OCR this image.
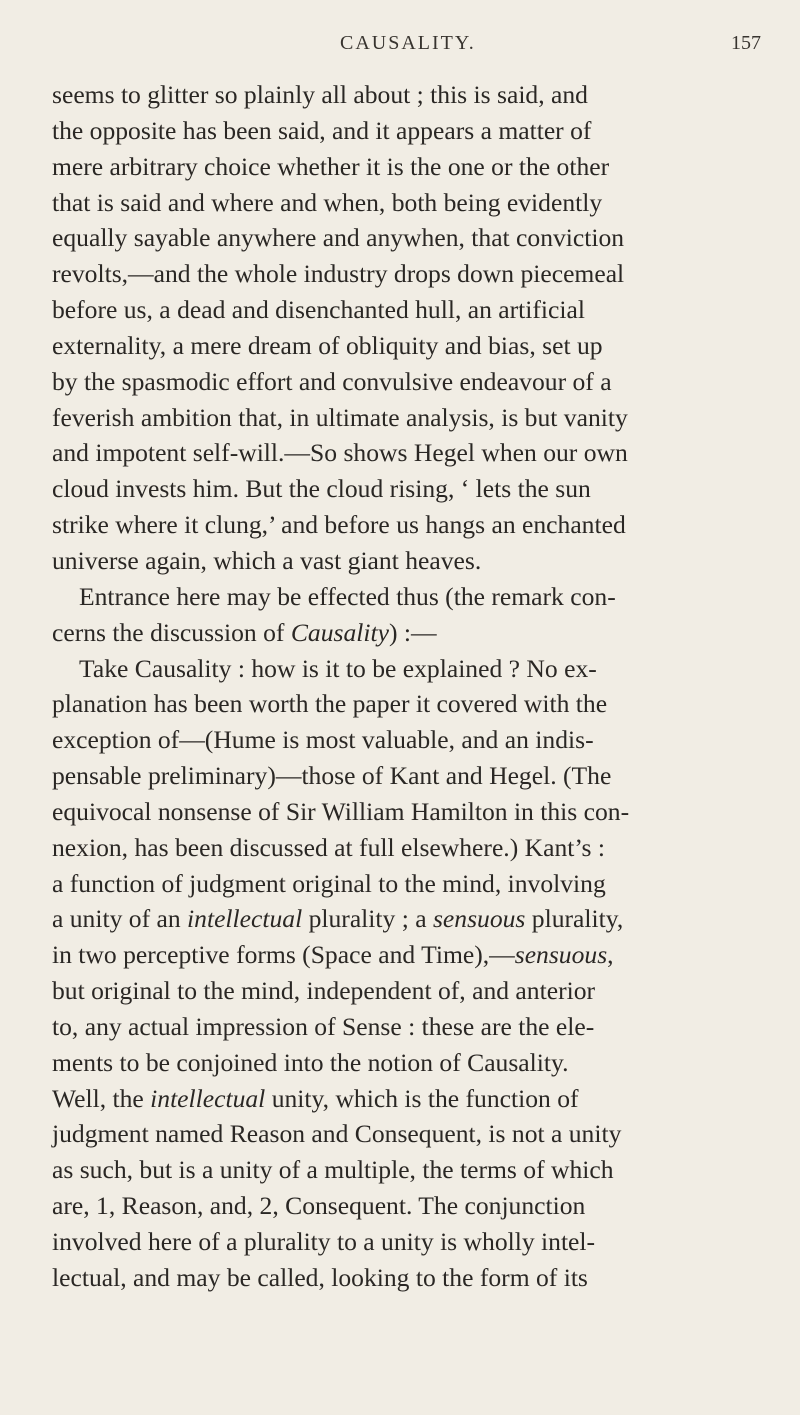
CAUSALITY.	157
seems to glitter so plainly all about ; this is said, and
the opposite has been said, and it appears a matter of
mere arbitrary choice whether it is the one or the other
that is said and where and when, both being evidently
equally sayable anywhere and anywhen, that conviction
revolts,—and the whole industry drops down piecemeal
before us, a dead and disenchanted hull, an artificial
externality, a mere dream of obliquity and bias, set up
by the spasmodic effort and convulsive endeavour of a
feverish ambition that, in ultimate analysis, is but vanity
and impotent self-will.—So shows Hegel when our own
cloud invests him. But the cloud rising, ‘ lets the sun
strike where it clung,’ and before us hangs an enchanted
universe again, which a vast giant heaves.
Entrance here may be effected thus (the remark con-
cerns the discussion of Causality) :—
Take Causality : how is it to be explained ? No ex-
planation has been worth the paper it covered with the
exception of—(Hume is most valuable, and an indis-
pensable preliminary)—those of Kant and Hegel. (The
equivocal nonsense of Sir William Hamilton in this con-
nexion, has been discussed at full elsewhere.) Kant’s :
a function of judgment original to the mind, involving
a unity of an intellectual plurality ; a sensuous plurality,
in two perceptive forms (Space and Time),—sensuous,
but original to the mind, independent of, and anterior
to, any actual impression of Sense : these are the ele-
ments to be conjoined into the notion of Causality.
Well, the intellectual unity, which is the function of
judgment named Reason and Consequent, is not a unity
as such, but is a unity of a multiple, the terms of which
are, 1, Reason, and, 2, Consequent. The conjunction
involved here of a plurality to a unity is wholly intel-
lectual, and may be called, looking to the form of its
